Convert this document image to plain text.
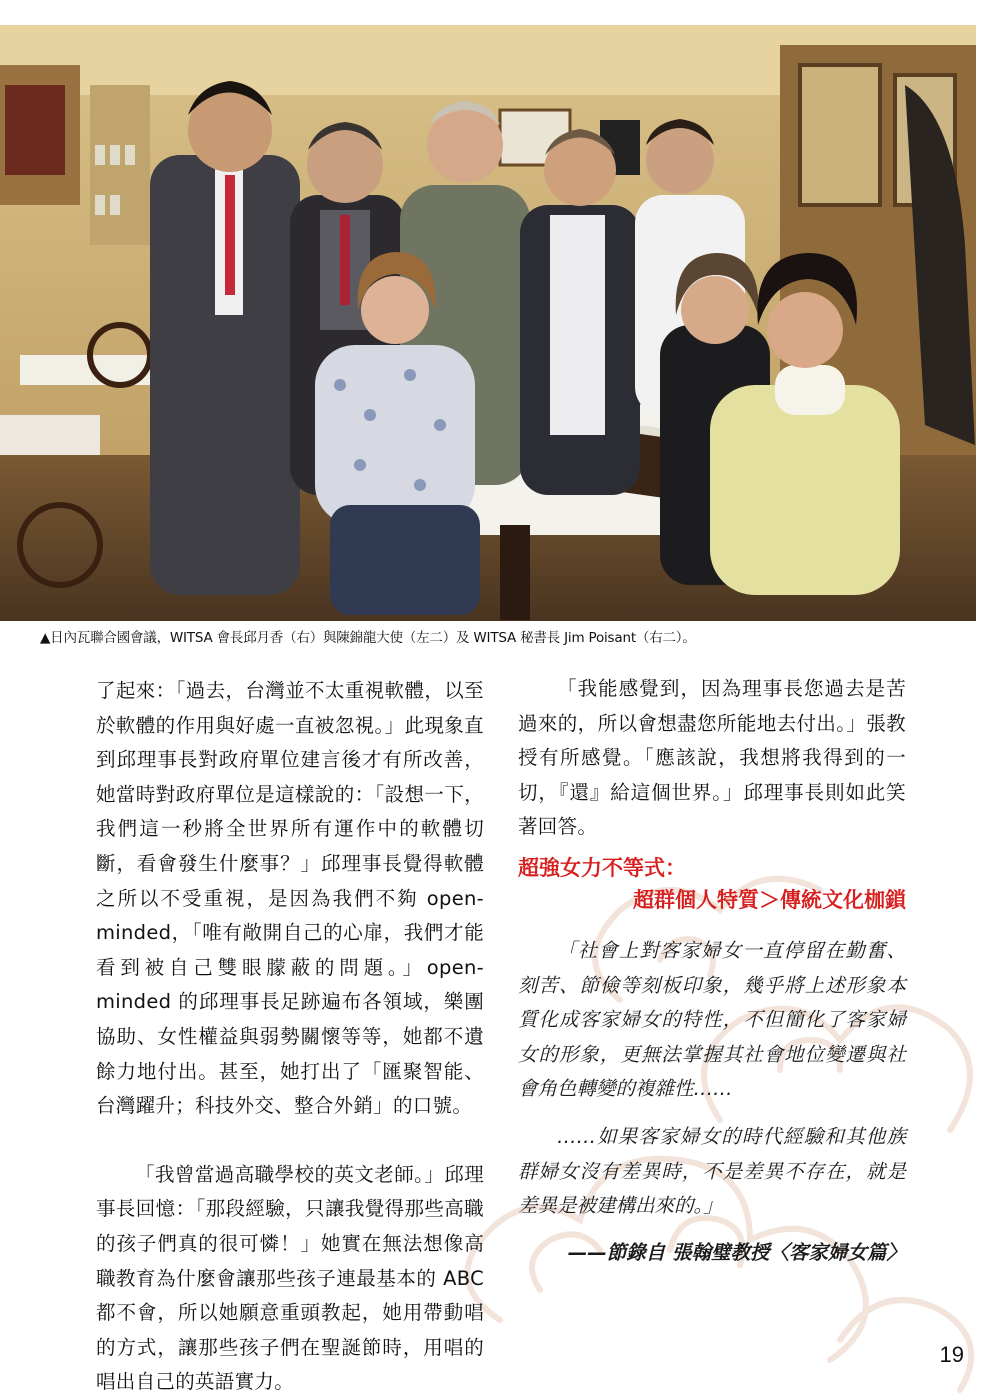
▲日內瓦聯合國會議，WITSA 會長邱月香（右）與陳錦龍大使（左二）及 WITSA 秘書長 Jim Poisant（右二）。

了起來：「過去，台灣並不太重視軟體，以至於軟體的作用與好處一直被忽視。」此現象直到邱理事長對政府單位建言後才有所改善，她當時對政府單位是這樣說的：「設想一下，我們這一秒將全世界所有運作中的軟體切斷，看會發生什麼事？」邱理事長覺得軟體之所以不受重視，是因為我們不夠 open-minded，「唯有敞開自己的心扉，我們才能看到被自己雙眼朦蔽的問題。」open-minded 的邱理事長足跡遍布各領域，樂團協助、女性權益與弱勢關懷等等，她都不遺餘力地付出。甚至，她打出了「匯聚智能、台灣躍升；科技外交、整合外銷」的口號。

「我曾當過高職學校的英文老師。」邱理事長回憶：「那段經驗，只讓我覺得那些高職的孩子們真的很可憐！」她實在無法想像高職教育為什麼會讓那些孩子連最基本的 ABC 都不會，所以她願意重頭教起，她用帶動唱的方式，讓那些孩子們在聖誕節時，用唱的唱出自己的英語實力。

「我能感覺到，因為理事長您過去是苦過來的，所以會想盡您所能地去付出。」張教授有所感覺。「應該說，我想將我得到的一切，『還』給這個世界。」邱理事長則如此笑著回答。

超強女力不等式：
超群個人特質＞傳統文化枷鎖

「社會上對客家婦女一直停留在勤奮、刻苦、節儉等刻板印象，幾乎將上述形象本質化成客家婦女的特性，不但簡化了客家婦女的形象，更無法掌握其社會地位變遷與社會角色轉變的複雜性……

……如果客家婦女的時代經驗和其他族群婦女沒有差異時，不是差異不存在，就是差異是被建構出來的。」

——節錄自 張翰璧教授〈客家婦女篇〉
19
